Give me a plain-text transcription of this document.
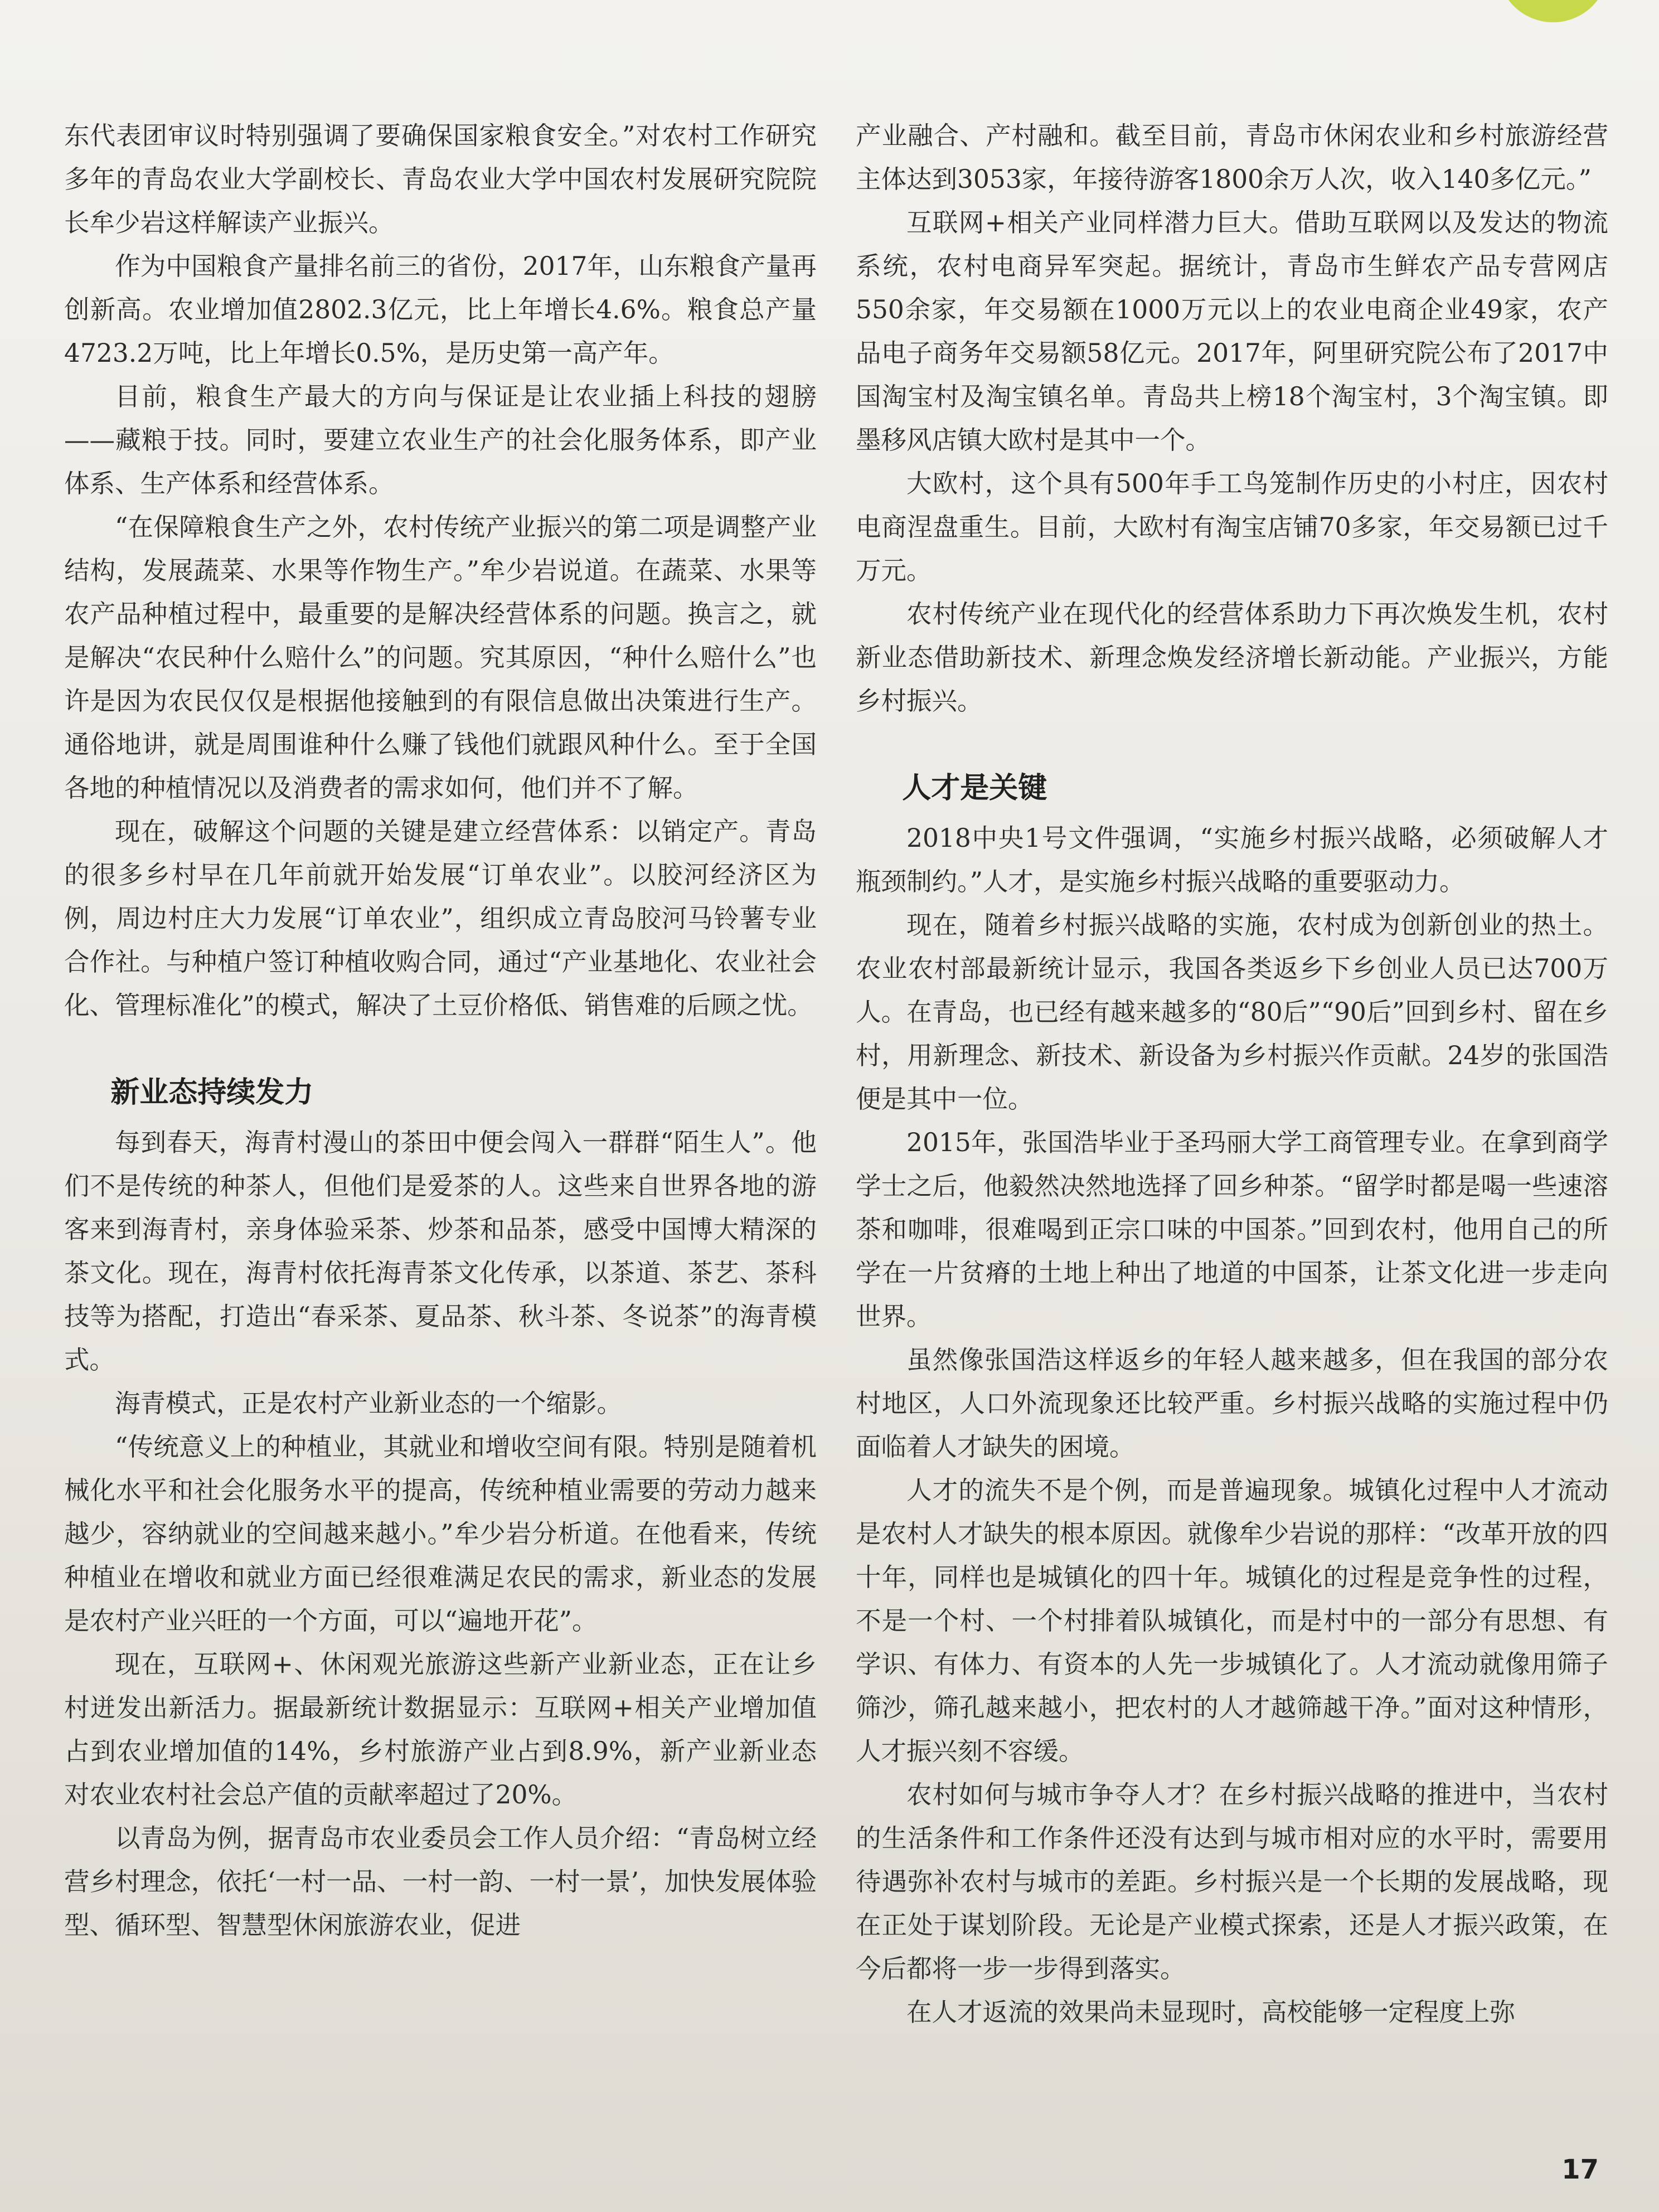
东代表团审议时特别强调了要确保国家粮食安全。”对农村工作研究多年的青岛农业大学副校长、青岛农业大学中国农村发展研究院院长牟少岩这样解读产业振兴。

作为中国粮食产量排名前三的省份，2017年，山东粮食产量再创新高。农业增加值2802.3亿元，比上年增长4.6%。粮食总产量4723.2万吨，比上年增长0.5%，是历史第一高产年。

目前，粮食生产最大的方向与保证是让农业插上科技的翅膀——藏粮于技。同时，要建立农业生产的社会化服务体系，即产业体系、生产体系和经营体系。

“在保障粮食生产之外，农村传统产业振兴的第二项是调整产业结构，发展蔬菜、水果等作物生产。”牟少岩说道。在蔬菜、水果等农产品种植过程中，最重要的是解决经营体系的问题。换言之，就是解决“农民种什么赔什么”的问题。究其原因，“种什么赔什么”也许是因为农民仅仅是根据他接触到的有限信息做出决策进行生产。通俗地讲，就是周围谁种什么赚了钱他们就跟风种什么。至于全国各地的种植情况以及消费者的需求如何，他们并不了解。

现在，破解这个问题的关键是建立经营体系：以销定产。青岛的很多乡村早在几年前就开始发展“订单农业”。以胶河经济区为例，周边村庄大力发展“订单农业”，组织成立青岛胶河马铃薯专业合作社。与种植户签订种植收购合同，通过“产业基地化、农业社会化、管理标准化”的模式，解决了土豆价格低、销售难的后顾之忧。

新业态持续发力

每到春天，海青村漫山的茶田中便会闯入一群群“陌生人”。他们不是传统的种茶人，但他们是爱茶的人。这些来自世界各地的游客来到海青村，亲身体验采茶、炒茶和品茶，感受中国博大精深的茶文化。现在，海青村依托海青茶文化传承，以茶道、茶艺、茶科技等为搭配，打造出“春采茶、夏品茶、秋斗茶、冬说茶”的海青模式。

海青模式，正是农村产业新业态的一个缩影。

“传统意义上的种植业，其就业和增收空间有限。特别是随着机械化水平和社会化服务水平的提高，传统种植业需要的劳动力越来越少，容纳就业的空间越来越小。”牟少岩分析道。在他看来，传统种植业在增收和就业方面已经很难满足农民的需求，新业态的发展是农村产业兴旺的一个方面，可以“遍地开花”。

现在，互联网+、休闲观光旅游这些新产业新业态，正在让乡村迸发出新活力。据最新统计数据显示：互联网+相关产业增加值占到农业增加值的14%，乡村旅游产业占到8.9%，新产业新业态对农业农村社会总产值的贡献率超过了20%。

以青岛为例，据青岛市农业委员会工作人员介绍：“青岛树立经营乡村理念，依托‘一村一品、一村一韵、一村一景’，加快发展体验型、循环型、智慧型休闲旅游农业，促进

产业融合、产村融和。截至目前，青岛市休闲农业和乡村旅游经营主体达到3053家，年接待游客1800余万人次，收入140多亿元。”

互联网+相关产业同样潜力巨大。借助互联网以及发达的物流系统，农村电商异军突起。据统计，青岛市生鲜农产品专营网店550余家，年交易额在1000万元以上的农业电商企业49家，农产品电子商务年交易额58亿元。2017年，阿里研究院公布了2017中国淘宝村及淘宝镇名单。青岛共上榜18个淘宝村，3个淘宝镇。即墨移风店镇大欧村是其中一个。

大欧村，这个具有500年手工鸟笼制作历史的小村庄，因农村电商涅盘重生。目前，大欧村有淘宝店铺70多家，年交易额已过千万元。

农村传统产业在现代化的经营体系助力下再次焕发生机，农村新业态借助新技术、新理念焕发经济增长新动能。产业振兴，方能乡村振兴。

人才是关键

2018中央1号文件强调，“实施乡村振兴战略，必须破解人才瓶颈制约。”人才，是实施乡村振兴战略的重要驱动力。

现在，随着乡村振兴战略的实施，农村成为创新创业的热土。农业农村部最新统计显示，我国各类返乡下乡创业人员已达700万人。在青岛，也已经有越来越多的“80后”“90后”回到乡村、留在乡村，用新理念、新技术、新设备为乡村振兴作贡献。24岁的张国浩便是其中一位。

2015年，张国浩毕业于圣玛丽大学工商管理专业。在拿到商学学士之后，他毅然决然地选择了回乡种茶。“留学时都是喝一些速溶茶和咖啡，很难喝到正宗口味的中国茶。”回到农村，他用自己的所学在一片贫瘠的土地上种出了地道的中国茶，让茶文化进一步走向世界。

虽然像张国浩这样返乡的年轻人越来越多，但在我国的部分农村地区，人口外流现象还比较严重。乡村振兴战略的实施过程中仍面临着人才缺失的困境。

人才的流失不是个例，而是普遍现象。城镇化过程中人才流动是农村人才缺失的根本原因。就像牟少岩说的那样：“改革开放的四十年，同样也是城镇化的四十年。城镇化的过程是竞争性的过程，不是一个村、一个村排着队城镇化，而是村中的一部分有思想、有学识、有体力、有资本的人先一步城镇化了。人才流动就像用筛子筛沙，筛孔越来越小，把农村的人才越筛越干净。”面对这种情形，人才振兴刻不容缓。

农村如何与城市争夺人才？在乡村振兴战略的推进中，当农村的生活条件和工作条件还没有达到与城市相对应的水平时，需要用待遇弥补农村与城市的差距。乡村振兴是一个长期的发展战略，现在正处于谋划阶段。无论是产业模式探索，还是人才振兴政策，在今后都将一步一步得到落实。

在人才返流的效果尚未显现时，高校能够一定程度上弥

17
